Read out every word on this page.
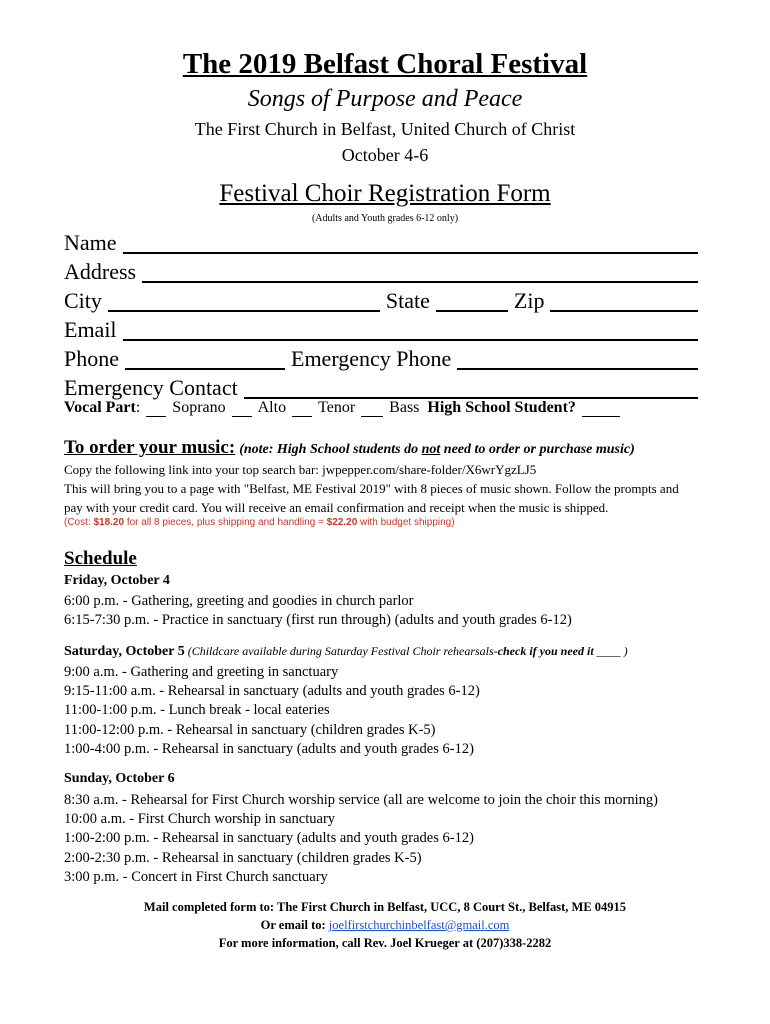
The 2019 Belfast Choral Festival
Songs of Purpose and Peace
The First Church in Belfast, United Church of Christ
October 4-6
Festival Choir Registration Form
(Adults and Youth grades 6-12 only)
Name
Address
City	State	Zip
Email
Phone	Emergency Phone
Emergency Contact
Vocal Part : Soprano Alto Tenor Bass High School Student?
To order your music: (note: High School students do not need to order or purchase music)
Copy the following link into your top search bar: jwpepper.com/share-folder/X6wrYgzLJ5
This will bring you to a page with "Belfast, ME Festival 2019" with 8 pieces of music shown. Follow the prompts and
pay with your credit card. You will receive an email confirmation and receipt when the music is shipped.
(Cost: $18.20 for all 8 pieces, plus shipping and handling = $22.20 with budget shipping)
Schedule
Friday, October 4
6:00 p.m. - Gathering, greeting and goodies in church parlor
6:15-7:30 p.m. - Practice in sanctuary (first run through) (adults and youth grades 6-12)
Saturday, October 5 (Childcare available during Saturday Festival Choir rehearsals-check if you need it ____ )
9:00 a.m. - Gathering and greeting in sanctuary
9:15-11:00 a.m. - Rehearsal in sanctuary (adults and youth grades 6-12)
11:00-1:00 p.m. - Lunch break - local eateries
11:00-12:00 p.m. - Rehearsal in sanctuary (children grades K-5)
1:00-4:00 p.m. - Rehearsal in sanctuary (adults and youth grades 6-12)
Sunday, October 6
8:30 a.m. - Rehearsal for First Church worship service (all are welcome to join the choir this morning)
10:00 a.m. - First Church worship in sanctuary
1:00-2:00 p.m. - Rehearsal in sanctuary (adults and youth grades 6-12)
2:00-2:30 p.m. - Rehearsal in sanctuary (children grades K-5)
3:00 p.m. - Concert in First Church sanctuary
Mail completed form to: The First Church in Belfast, UCC, 8 Court St., Belfast, ME 04915
Or email to: joelfirstchurchinbelfast@gmail.com
For more information, call Rev. Joel Krueger at (207)338-2282
